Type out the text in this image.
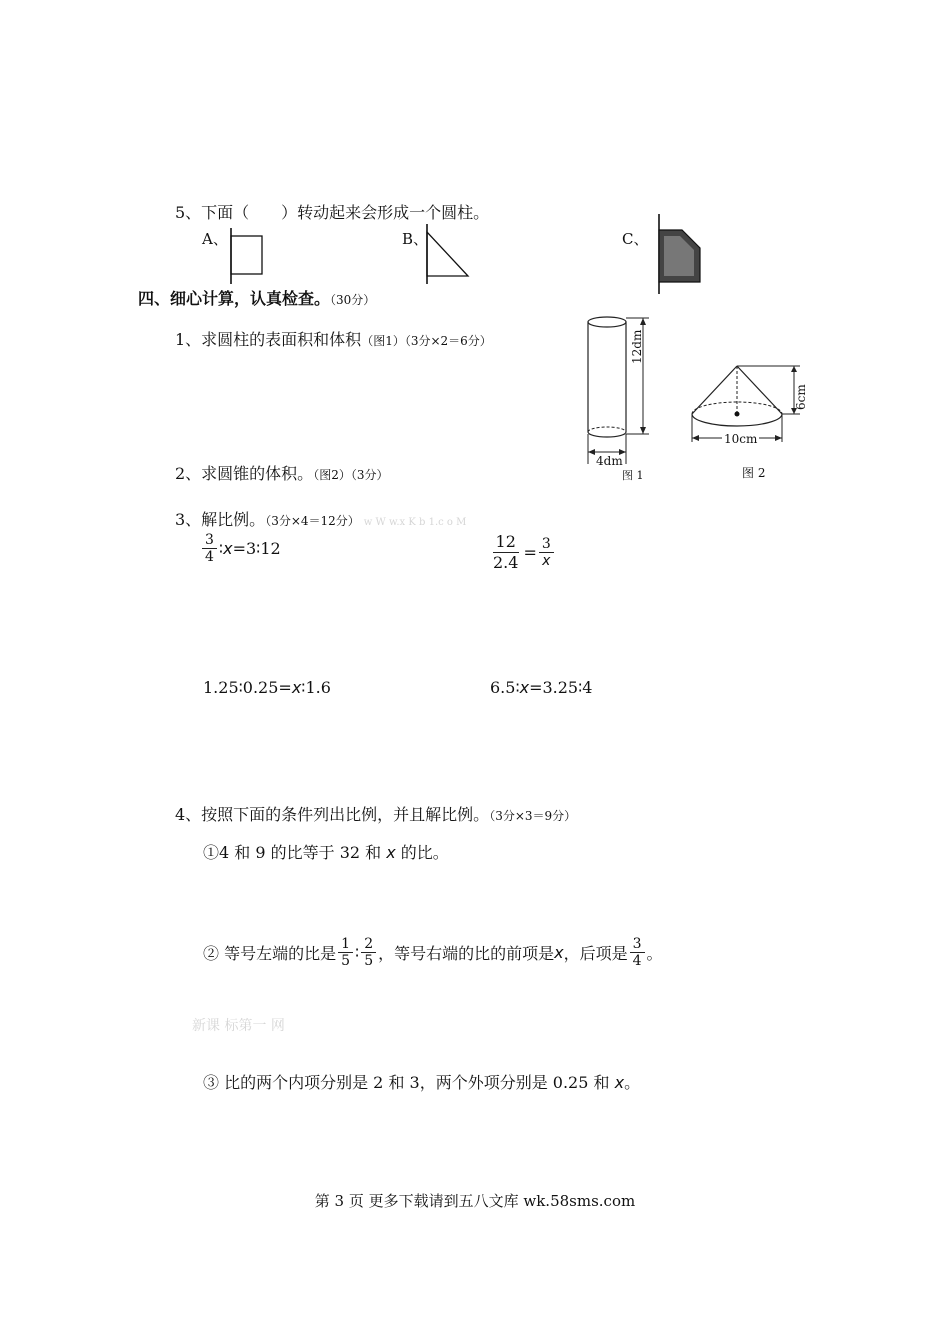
5、下面（　　）转动起来会形成一个圆柱。
A、	B、	C、
四、细心计算，认真检查。（30分）
1、求圆柱的表面积和体积（图1）（3分×2＝6分）	12dm
4dm
图 1
6cm
10cm
图 2
2、求圆锥的体积。（图2）（3分）
3、解比例。（3分×4＝12分） w W w.x K b 1.c o M
$\frac{3}{4}$ ∶ x =3∶12	$\frac{12}{2.4} = \frac{3}{x}$
1.25∶0.25=x∶1.6	6.5∶x=3.25∶4
4、按照下面的条件列出比例，并且解比例。（3分×3＝9分）
①4 和 9 的比等于 32 和 x 的比。
② 等号左端的比是 $\frac{1}{5}$ ∶ $\frac{2}{5}$ ，等号右端的比的前项是 x ，后项是 $\frac{3}{4}$ 。
新课 标第一 网
③ 比的两个内项分别是 2 和 3，两个外项分别是 0.25 和 x。
第 3 页 更多下载请到五八文库 wk.58sms.com
